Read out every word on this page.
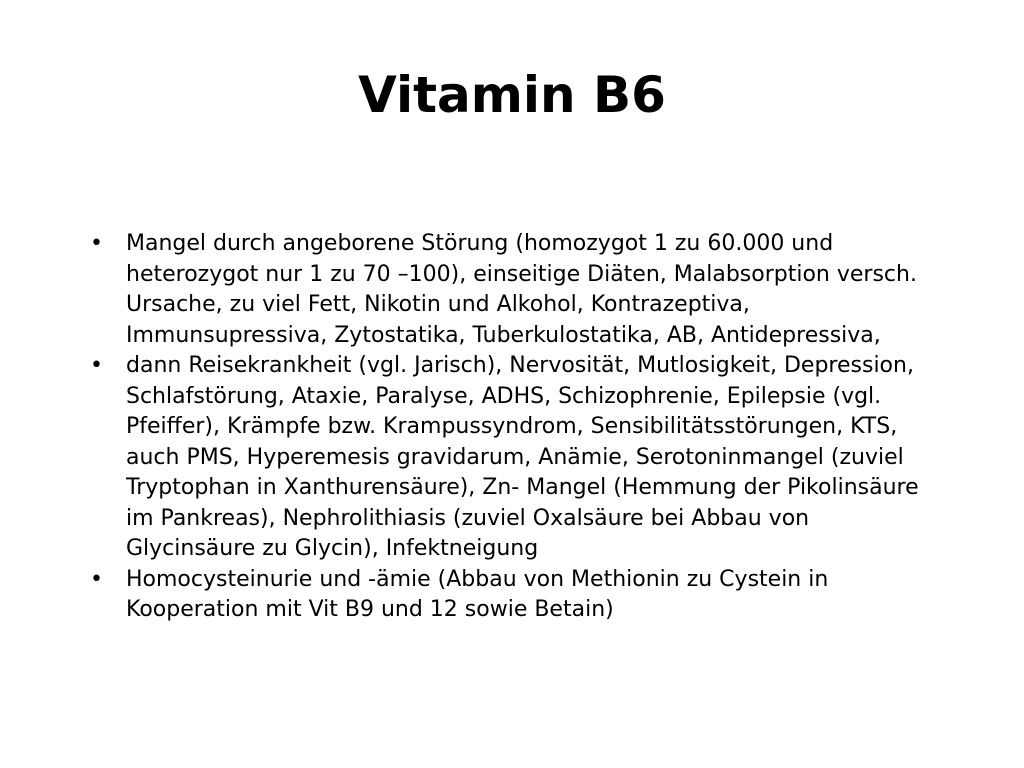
Vitamin B6
•	Mangel durch angeborene Störung (homozygot 1 zu 60.000 und heterozygot nur 1 zu 70 –100), einseitige Diäten, Malabsorption versch. Ursache, zu viel Fett, Nikotin und Alkohol, Kontrazeptiva, Immunsupressiva, Zytostatika, Tuberkulostatika, AB, Antidepressiva,
•	dann Reisekrankheit (vgl. Jarisch), Nervosität, Mutlosigkeit, Depression, Schlafstörung, Ataxie, Paralyse, ADHS, Schizophrenie, Epilepsie (vgl. Pfeiffer), Krämpfe bzw. Krampussyndrom, Sensibilitätsstörungen, KTS, auch PMS, Hyperemesis gravidarum, Anämie, Serotoninmangel (zuviel Tryptophan in Xanthurensäure), Zn- Mangel (Hemmung der Pikolinsäure im Pankreas), Nephrolithiasis (zuviel Oxalsäure bei Abbau von Glycinsäure zu Glycin), Infektneigung
•	Homocysteinurie und -ämie (Abbau von Methionin zu Cystein in Kooperation mit Vit B9 und 12 sowie Betain)
